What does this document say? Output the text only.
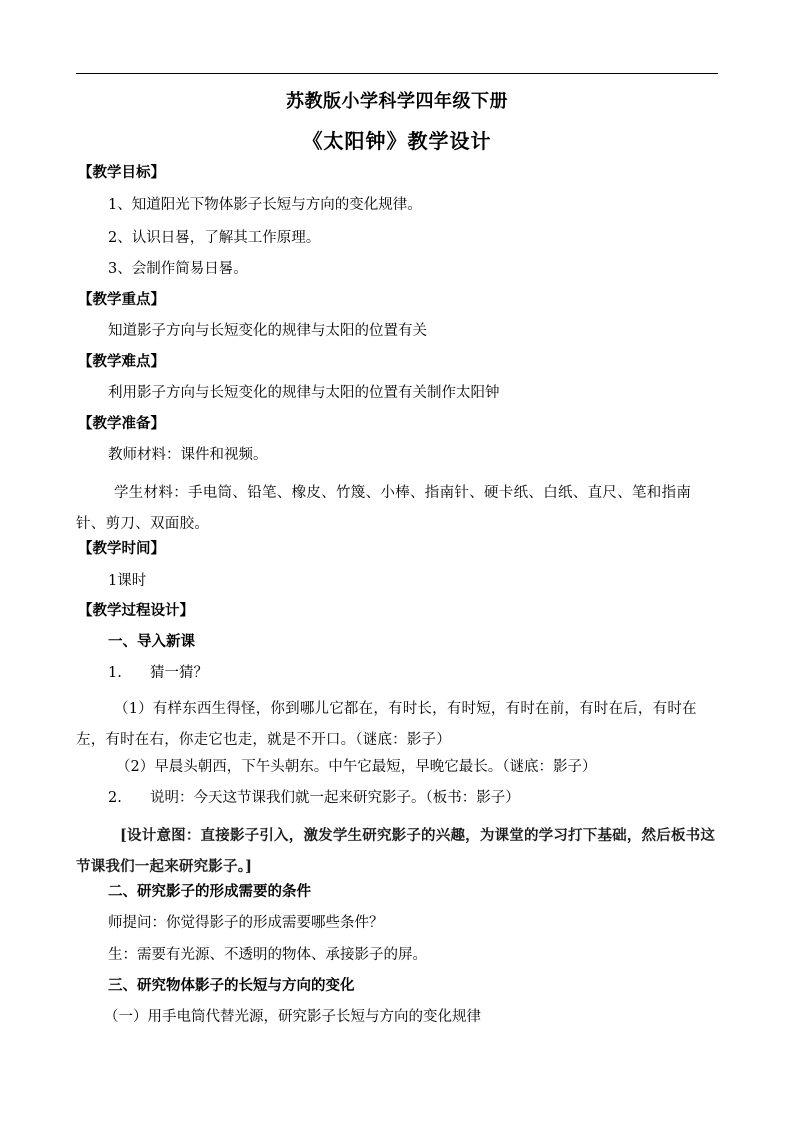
苏教版小学科学四年级下册
《太阳钟》教学设计
【教学目标】
1、知道阳光下物体影子长短与方向的变化规律。
2、认识日晷，了解其工作原理。
3、会制作简易日晷。
【教学重点】
知道影子方向与长短变化的规律与太阳的位置有关
【教学难点】
利用影子方向与长短变化的规律与太阳的位置有关制作太阳钟
【教学准备】
教师材料：课件和视频。
学生材料：手电筒、铅笔、橡皮、竹篾、小棒、指南针、硬卡纸、白纸、直尺、笔和指南针、剪刀、双面胶。
【教学时间】
1课时
【教学过程设计】
一、导入新课
1. 猜一猜？
（1）有样东西生得怪，你到哪儿它都在，有时长，有时短，有时在前，有时在后，有时在左，有时在右，你走它也走，就是不开口。（谜底：影子）
（2）早晨头朝西，下午头朝东。中午它最短，早晚它最长。（谜底：影子）
2. 说明：今天这节课我们就一起来研究影子。（板书：影子）
[设计意图：直接影子引入，激发学生研究影子的兴趣，为课堂的学习打下基础，然后板书这节课我们一起来研究影子。]
二、研究影子的形成需要的条件
师提问：你觉得影子的形成需要哪些条件？
生：需要有光源、不透明的物体、承接影子的屏。
三、研究物体影子的长短与方向的变化
（一）用手电筒代替光源，研究影子长短与方向的变化规律
